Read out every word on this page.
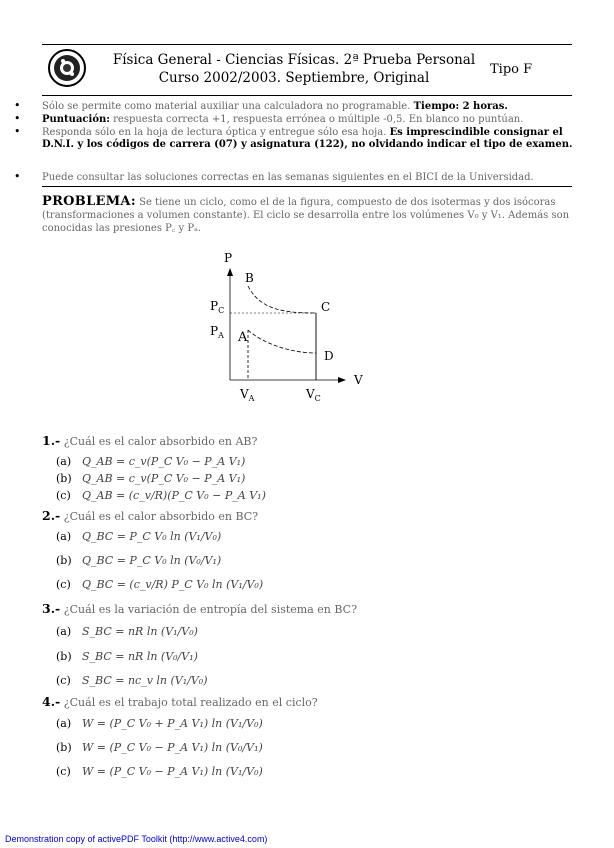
Física General - Ciencias Físicas. 2ª Prueba Personal
Curso 2002/2003. Septiembre, Original
Tipo F
• Sólo se permite como material auxiliar una calculadora no programable. Tiempo: 2 horas.
• Puntuación: respuesta correcta +1, respuesta errónea o múltiple -0,5. En blanco no puntúan.
• Responda sólo en la hoja de lectura óptica y entregue sólo esa hoja. Es imprescindible consignar el D.N.I. y los códigos de carrera (07) y asignatura (122), no olvidando indicar el tipo de examen.
• Puede consultar las soluciones correctas en las semanas siguientes en el BICI de la Universidad.
PROBLEMA: Se tiene un ciclo, como el de la figura, compuesto de dos isotermas y dos isócoras (transformaciones a volumen constante). El ciclo se desarrolla entre los volúmenes V₀ y V₁. Además son conocidas las presiones P꜀ y Pₐ.
P
V
B
C
D
A
$P_C$
$P_A$
$V_A$	$V_C$
1.- ¿Cuál es el calor absorbido en AB?
(a) Q_AB = c_v(P_C V₀ − P_A V₁)
(b) Q_AB = c_v(P_C V₀ − P_A V₁)
(c) Q_AB = (c_v/R)(P_C V₀ − P_A V₁)
2.- ¿Cuál es el calor absorbido en BC?
(a) Q_BC = P_C V₀ ln (V₁/V₀)
(b) Q_BC = P_C V₀ ln (V₀/V₁)
(c) Q_BC = (c_v/R) P_C V₀ ln (V₁/V₀)
3.- ¿Cuál es la variación de entropía del sistema en BC?
(a) S_BC = nR ln (V₁/V₀)
(b) S_BC = nR ln (V₀/V₁)
(c) S_BC = nc_v ln (V₁/V₀)
4.- ¿Cuál es el trabajo total realizado en el ciclo?
(a) W = (P_C V₀ + P_A V₁) ln (V₁/V₀)
(b) W = (P_C V₀ − P_A V₁) ln (V₀/V₁)
(c) W = (P_C V₀ − P_A V₁) ln (V₁/V₀)
Demonstration copy of activePDF Toolkit (http://www.active4.com)
